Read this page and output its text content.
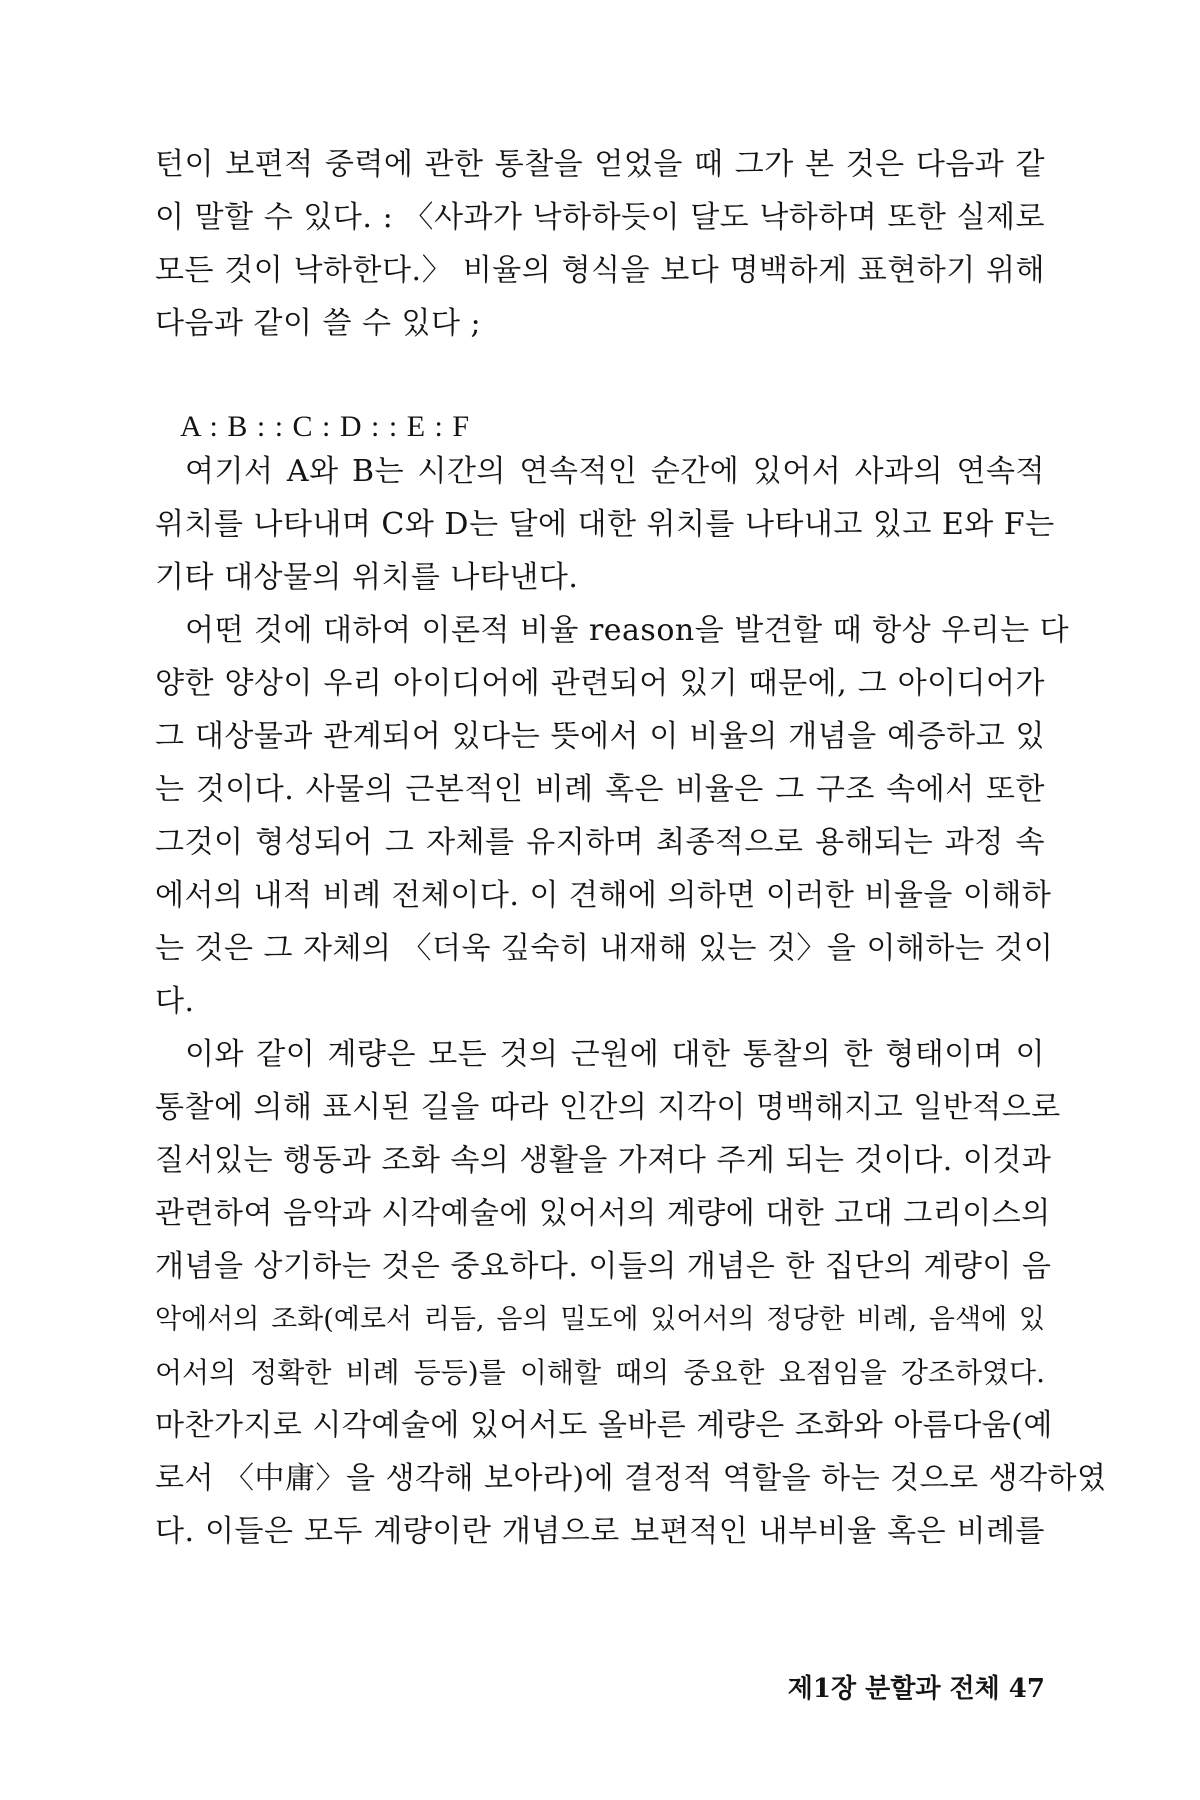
턴이 보편적 중력에 관한 통찰을 얻었을 때 그가 본 것은 다음과 같
이 말할 수 있다. : 〈사과가 낙하하듯이 달도 낙하하며 또한 실제로
모든 것이 낙하한다.〉 비율의 형식을 보다 명백하게 표현하기 위해
다음과 같이 쓸 수 있다 ;
A : B : : C : D : : E : F
여기서 A와 B는 시간의 연속적인 순간에 있어서 사과의 연속적
위치를 나타내며 C와 D는 달에 대한 위치를 나타내고 있고 E와 F는
기타 대상물의 위치를 나타낸다.
어떤 것에 대하여 이론적 비율 reason을 발견할 때 항상 우리는 다
양한 양상이 우리 아이디어에 관련되어 있기 때문에, 그 아이디어가
그 대상물과 관계되어 있다는 뜻에서 이 비율의 개념을 예증하고 있
는 것이다. 사물의 근본적인 비례 혹은 비율은 그 구조 속에서 또한
그것이 형성되어 그 자체를 유지하며 최종적으로 용해되는 과정 속
에서의 내적 비례 전체이다. 이 견해에 의하면 이러한 비율을 이해하
는 것은 그 자체의 〈더욱 깊숙히 내재해 있는 것〉을 이해하는 것이
다.
이와 같이 계량은 모든 것의 근원에 대한 통찰의 한 형태이며 이
통찰에 의해 표시된 길을 따라 인간의 지각이 명백해지고 일반적으로
질서있는 행동과 조화 속의 생활을 가져다 주게 되는 것이다. 이것과
관련하여 음악과 시각예술에 있어서의 계량에 대한 고대 그리이스의
개념을 상기하는 것은 중요하다. 이들의 개념은 한 집단의 계량이 음
악에서의 조화(예로서 리듬, 음의 밀도에 있어서의 정당한 비례, 음색에 있
어서의 정확한 비례 등등)를 이해할 때의 중요한 요점임을 강조하였다.
마찬가지로 시각예술에 있어서도 올바른 계량은 조화와 아름다움(예
로서 〈中庸〉을 생각해 보아라)에 결정적 역할을 하는 것으로 생각하였
다. 이들은 모두 계량이란 개념으로 보편적인 내부비율 혹은 비례를
제1장 분할과 전체 47
